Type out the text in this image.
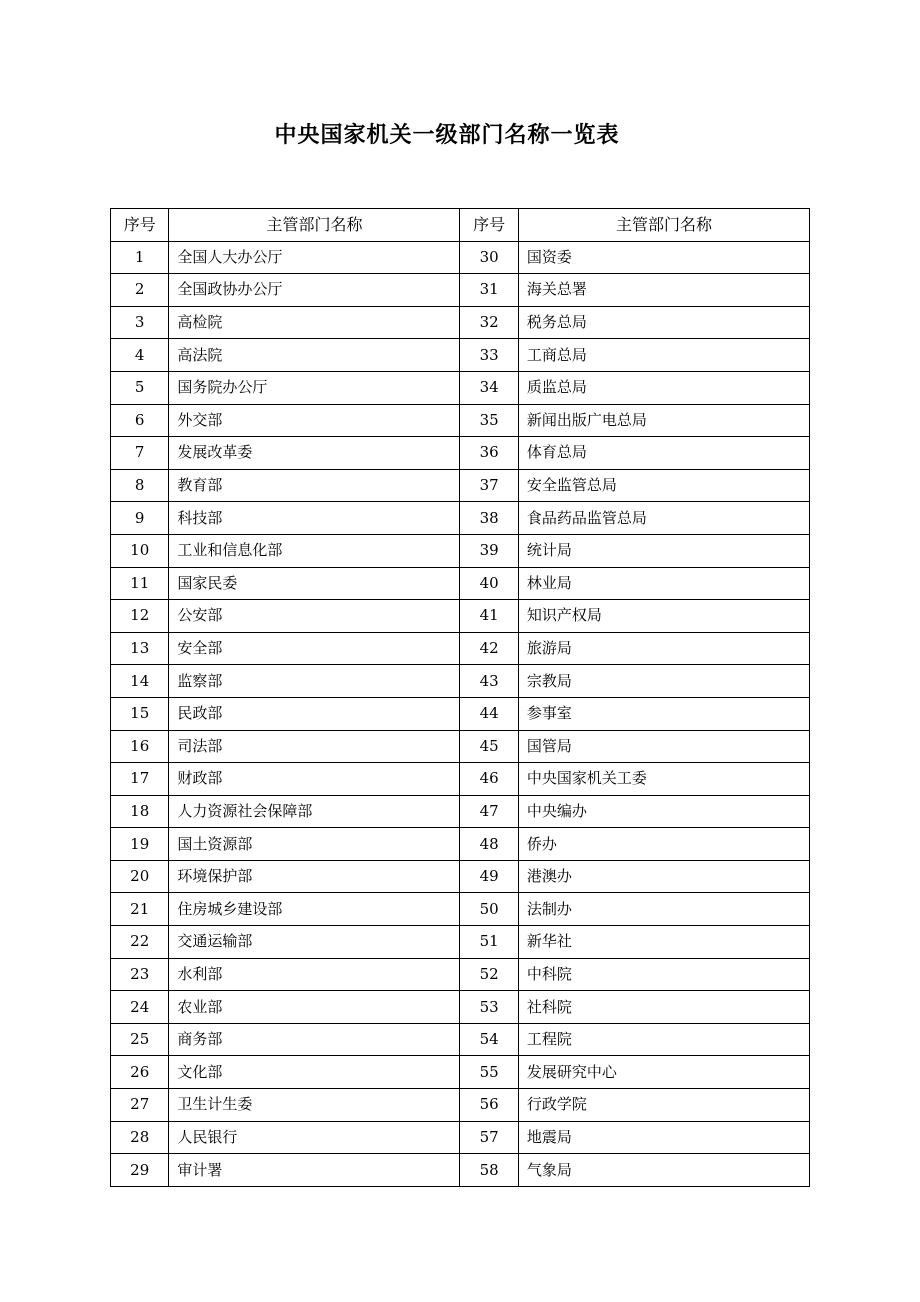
中央国家机关一级部门名称一览表
序号	主管部门名称	序号	主管部门名称
1	全国人大办公厅	30	国资委
2	全国政协办公厅	31	海关总署
3	高检院	32	税务总局
4	高法院	33	工商总局
5	国务院办公厅	34	质监总局
6	外交部	35	新闻出版广电总局
7	发展改革委	36	体育总局
8	教育部	37	安全监管总局
9	科技部	38	食品药品监管总局
10	工业和信息化部	39	统计局
11	国家民委	40	林业局
12	公安部	41	知识产权局
13	安全部	42	旅游局
14	监察部	43	宗教局
15	民政部	44	参事室
16	司法部	45	国管局
17	财政部	46	中央国家机关工委
18	人力资源社会保障部	47	中央编办
19	国土资源部	48	侨办
20	环境保护部	49	港澳办
21	住房城乡建设部	50	法制办
22	交通运输部	51	新华社
23	水利部	52	中科院
24	农业部	53	社科院
25	商务部	54	工程院
26	文化部	55	发展研究中心
27	卫生计生委	56	行政学院
28	人民银行	57	地震局
29	审计署	58	气象局
